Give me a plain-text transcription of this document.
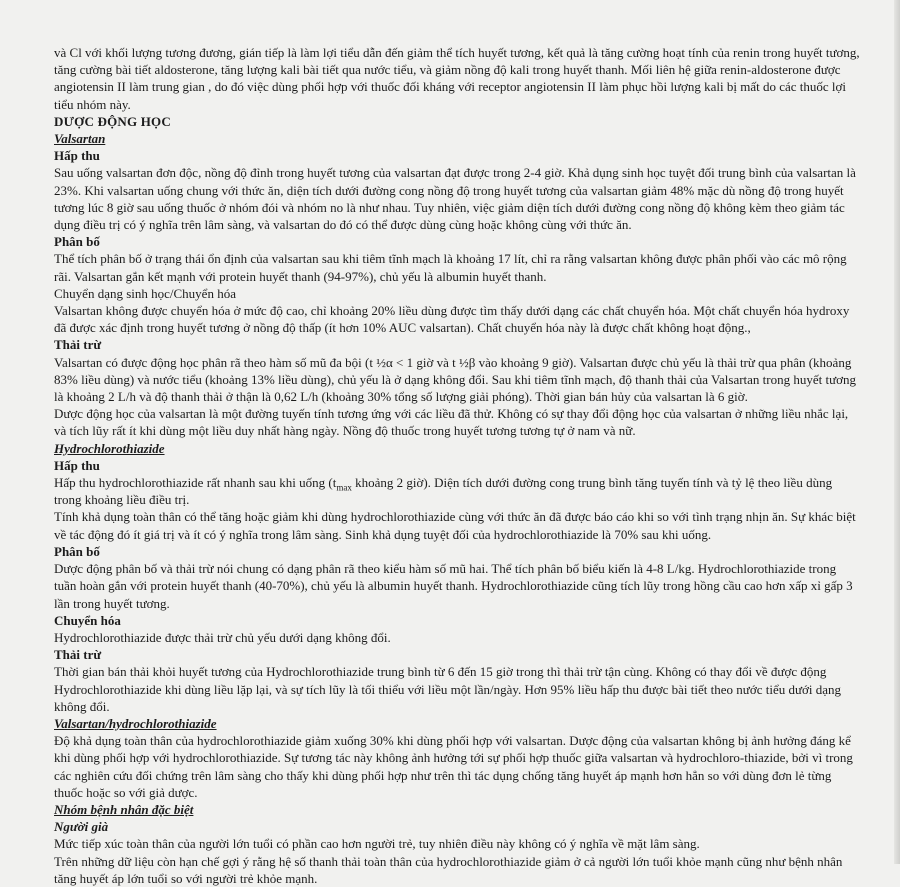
và Cl với khối lượng tương đương, gián tiếp là làm lợi tiểu dẫn đến giảm thể tích huyết tương, kết quả là tăng cường hoạt tính của renin trong huyết tương, tăng cường bài tiết aldosterone, tăng lượng kali bài tiết qua nước tiểu, và giảm nồng độ kali trong huyết thanh. Mối liên hệ giữa renin-aldosterone được angiotensin II làm trung gian , do đó việc dùng phối hợp với thuốc đối kháng với receptor angiotensin II làm phục hồi lượng kali bị mất do các thuốc lợi tiểu nhóm này.

DƯỢC ĐỘNG HỌC

Valsartan

Hấp thu

Sau uống valsartan đơn độc, nồng độ đỉnh trong huyết tương của valsartan đạt được trong 2-4 giờ. Khả dụng sinh học tuyệt đối trung bình của valsartan là 23%. Khi valsartan uống chung với thức ăn, diện tích dưới đường cong nồng độ trong huyết tương của valsartan giảm 48% mặc dù nồng độ trong huyết tương lúc 8 giờ sau uống thuốc ở nhóm đói và nhóm no là như nhau. Tuy nhiên, việc giảm diện tích dưới đường cong nồng độ không kèm theo giảm tác dụng điều trị có ý nghĩa trên lâm sàng, và valsartan do đó có thể được dùng cùng hoặc không cùng với thức ăn.

Phân bố

Thể tích phân bố ở trạng thái ổn định của valsartan sau khi tiêm tĩnh mạch là khoảng 17 lít, chỉ ra rằng valsartan không được phân phối vào các mô rộng rãi. Valsartan gắn kết mạnh với protein huyết thanh (94-97%), chủ yếu là albumin huyết thanh.

Chuyển dạng sinh học/Chuyển hóa

Valsartan không được chuyển hóa ở mức độ cao, chỉ khoảng 20% liều dùng được tìm thấy dưới dạng các chất chuyển hóa. Một chất chuyển hóa hydroxy đã được xác định trong huyết tương ở nồng độ thấp (ít hơn 10% AUC valsartan). Chất chuyển hóa này là được chất không hoạt động.,

Thải trừ

Valsartan có được động học phân rã theo hàm số mũ đa bội (t ½α < 1 giờ và t ½β vào khoảng 9 giờ). Valsartan được chủ yếu là thải trừ qua phân (khoảng 83% liều dùng) và nước tiểu (khoảng 13% liều dùng), chủ yếu là ở dạng không đổi. Sau khi tiêm tĩnh mạch, độ thanh thải của Valsartan trong huyết tương là khoảng 2 L/h và độ thanh thải ở thận là 0,62 L/h (khoảng 30% tổng số lượng giải phóng). Thời gian bán hủy của valsartan là 6 giờ.

Dược động học của valsartan là một đường tuyến tính tương ứng với các liều đã thử. Không có sự thay đổi động học của valsartan ở những liều nhắc lại, và tích lũy rất ít khi dùng một liều duy nhất hàng ngày. Nồng độ thuốc trong huyết tương tương tự ở nam và nữ.

Hydrochlorothiazide

Hấp thu

Hấp thu hydrochlorothiazide rất nhanh sau khi uống ($t_{max}$ khoảng 2 giờ). Diện tích dưới đường cong trung bình tăng tuyến tính và tỷ lệ theo liều dùng trong khoảng liều điều trị.

Tính khả dụng toàn thân có thể tăng hoặc giảm khi dùng hydrochlorothiazide cùng với thức ăn đã được báo cáo khi so với tình trạng nhịn ăn. Sự khác biệt về tác động đó ít giá trị và ít có ý nghĩa trong lâm sàng. Sinh khả dụng tuyệt đối của hydrochlorothiazide là 70% sau khi uống.

Phân bố

Dược động phân bố và thải trừ nói chung có dạng phân rã theo kiểu hàm số mũ hai. Thể tích phân bố biểu kiến là 4-8 L/kg. Hydrochlorothiazide trong tuần hoàn gắn với protein huyết thanh (40-70%), chủ yếu là albumin huyết thanh. Hydrochlorothiazide cũng tích lũy trong hồng cầu cao hơn xấp xỉ gấp 3 lần trong huyết tương.

Chuyển hóa

Hydrochlorothiazide được thải trừ chủ yếu dưới dạng không đổi.

Thải trừ

Thời gian bán thải khỏi huyết tương của Hydrochlorothiazide trung bình từ 6 đến 15 giờ trong thì thải trừ tận cùng. Không có thay đổi về được động Hydrochlorothiazide khi dùng liều lặp lại, và sự tích lũy là tối thiểu với liều một lần/ngày. Hơn 95% liều hấp thu được bài tiết theo nước tiểu dưới dạng không đổi.

Valsartan/hydrochlorothiazide

Độ khả dụng toàn thân của hydrochlorothiazide giảm xuống 30% khi dùng phối hợp với valsartan. Dược động của valsartan không bị ảnh hưởng đáng kể khi dùng phối hợp với hydrochlorothiazide. Sự tương tác này không ảnh hưởng tới sự phối hợp thuốc giữa valsartan và hydrochloro-thiazide, bởi vì trong các nghiên cứu đối chứng trên lâm sàng cho thấy khi dùng phối hợp như trên thì tác dụng chống tăng huyết áp mạnh hơn hẳn so với dùng đơn lẻ từng thuốc hoặc so với giả dược.

Nhóm bệnh nhân đặc biệt

Người già

Mức tiếp xúc toàn thân của người lớn tuổi có phần cao hơn người trẻ, tuy nhiên điều này không có ý nghĩa về mặt lâm sàng.

Trên những dữ liệu còn hạn chế gợi ý rằng hệ số thanh thải toàn thân của hydrochlorothiazide giảm ở cả người lớn tuổi khỏe mạnh cũng như bệnh nhân tăng huyết áp lớn tuổi so với người trẻ khỏe mạnh.
